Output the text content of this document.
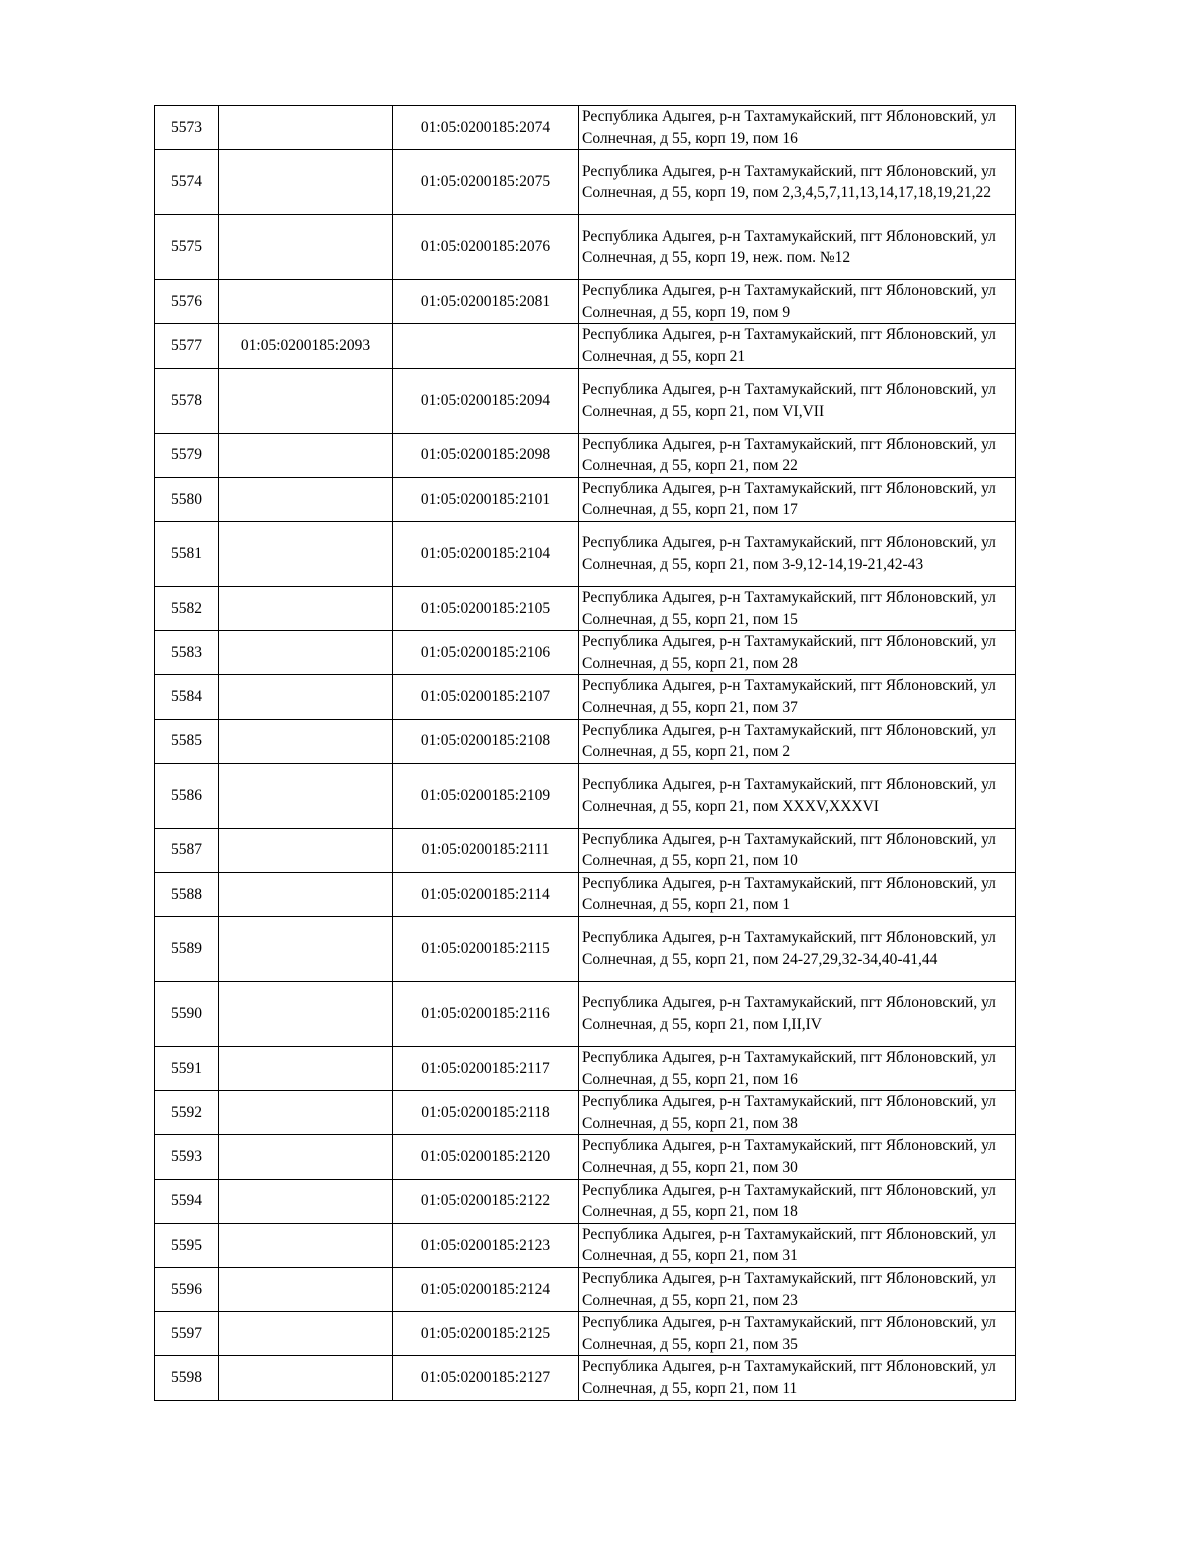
5573		01:05:0200185:2074	Республика Адыгея, р-н Тахтамукайский, пгт Яблоновский, ул Солнечная, д 55, корп 19, пом 16
5574		01:05:0200185:2075	Республика Адыгея, р-н Тахтамукайский, пгт Яблоновский, ул Солнечная, д 55, корп 19, пом 2,3,4,5,7,11,13,14,17,18,19,21,22
5575		01:05:0200185:2076	Республика Адыгея, р-н Тахтамукайский, пгт Яблоновский, ул Солнечная, д 55, корп 19, неж. пом. №12
5576		01:05:0200185:2081	Республика Адыгея, р-н Тахтамукайский, пгт Яблоновский, ул Солнечная, д 55, корп 19, пом 9
5577	01:05:0200185:2093		Республика Адыгея, р-н Тахтамукайский, пгт Яблоновский, ул Солнечная, д 55, корп 21
5578		01:05:0200185:2094	Республика Адыгея, р-н Тахтамукайский, пгт Яблоновский, ул Солнечная, д 55, корп 21, пом VI,VII
5579		01:05:0200185:2098	Республика Адыгея, р-н Тахтамукайский, пгт Яблоновский, ул Солнечная, д 55, корп 21, пом 22
5580		01:05:0200185:2101	Республика Адыгея, р-н Тахтамукайский, пгт Яблоновский, ул Солнечная, д 55, корп 21, пом 17
5581		01:05:0200185:2104	Республика Адыгея, р-н Тахтамукайский, пгт Яблоновский, ул Солнечная, д 55, корп 21, пом 3-9,12-14,19-21,42-43
5582		01:05:0200185:2105	Республика Адыгея, р-н Тахтамукайский, пгт Яблоновский, ул Солнечная, д 55, корп 21, пом 15
5583		01:05:0200185:2106	Республика Адыгея, р-н Тахтамукайский, пгт Яблоновский, ул Солнечная, д 55, корп 21, пом 28
5584		01:05:0200185:2107	Республика Адыгея, р-н Тахтамукайский, пгт Яблоновский, ул Солнечная, д 55, корп 21, пом 37
5585		01:05:0200185:2108	Республика Адыгея, р-н Тахтамукайский, пгт Яблоновский, ул Солнечная, д 55, корп 21, пом 2
5586		01:05:0200185:2109	Республика Адыгея, р-н Тахтамукайский, пгт Яблоновский, ул Солнечная, д 55, корп 21, пом XXXV,XXXVI
5587		01:05:0200185:2111	Республика Адыгея, р-н Тахтамукайский, пгт Яблоновский, ул Солнечная, д 55, корп 21, пом 10
5588		01:05:0200185:2114	Республика Адыгея, р-н Тахтамукайский, пгт Яблоновский, ул Солнечная, д 55, корп 21, пом 1
5589		01:05:0200185:2115	Республика Адыгея, р-н Тахтамукайский, пгт Яблоновский, ул Солнечная, д 55, корп 21, пом 24-27,29,32-34,40-41,44
5590		01:05:0200185:2116	Республика Адыгея, р-н Тахтамукайский, пгт Яблоновский, ул Солнечная, д 55, корп 21, пом I,II,IV
5591		01:05:0200185:2117	Республика Адыгея, р-н Тахтамукайский, пгт Яблоновский, ул Солнечная, д 55, корп 21, пом 16
5592		01:05:0200185:2118	Республика Адыгея, р-н Тахтамукайский, пгт Яблоновский, ул Солнечная, д 55, корп 21, пом 38
5593		01:05:0200185:2120	Республика Адыгея, р-н Тахтамукайский, пгт Яблоновский, ул Солнечная, д 55, корп 21, пом 30
5594		01:05:0200185:2122	Республика Адыгея, р-н Тахтамукайский, пгт Яблоновский, ул Солнечная, д 55, корп 21, пом 18
5595		01:05:0200185:2123	Республика Адыгея, р-н Тахтамукайский, пгт Яблоновский, ул Солнечная, д 55, корп 21, пом 31
5596		01:05:0200185:2124	Республика Адыгея, р-н Тахтамукайский, пгт Яблоновский, ул Солнечная, д 55, корп 21, пом 23
5597		01:05:0200185:2125	Республика Адыгея, р-н Тахтамукайский, пгт Яблоновский, ул Солнечная, д 55, корп 21, пом 35
5598		01:05:0200185:2127	Республика Адыгея, р-н Тахтамукайский, пгт Яблоновский, ул Солнечная, д 55, корп 21, пом 11
